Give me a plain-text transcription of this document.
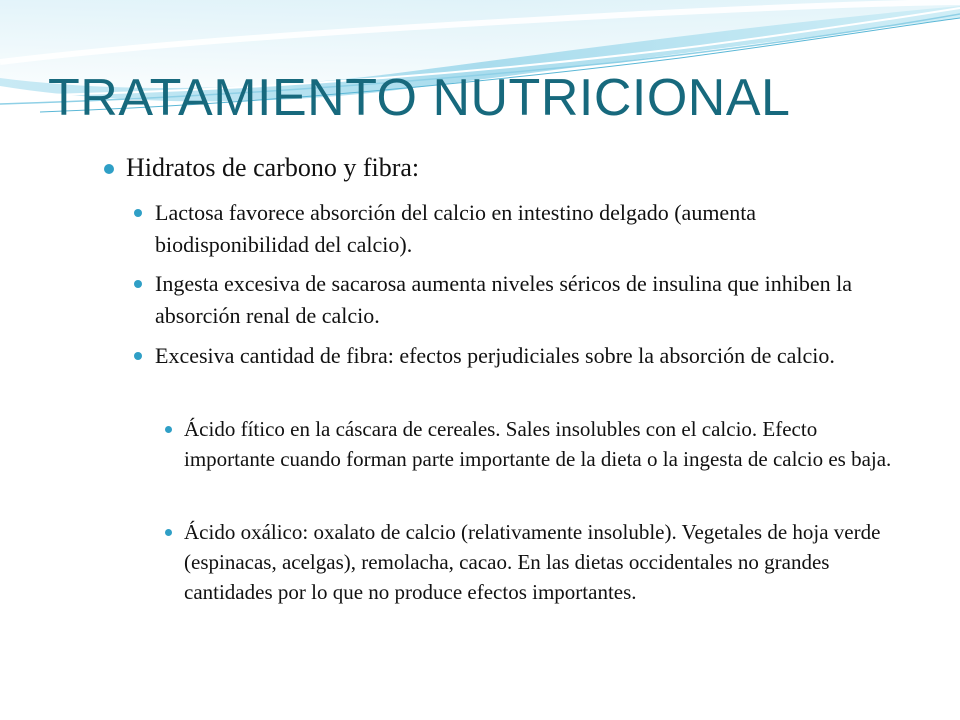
TRATAMIENTO NUTRICIONAL
Hidratos de carbono y fibra:
Lactosa favorece absorción del calcio en intestino delgado (aumenta biodisponibilidad del calcio).
Ingesta excesiva de sacarosa aumenta niveles séricos de insulina que inhiben la absorción renal de calcio.
Excesiva cantidad de fibra: efectos perjudiciales sobre la absorción de calcio.
Ácido fítico en la cáscara de cereales. Sales insolubles con el calcio. Efecto importante cuando forman parte importante de la dieta o la ingesta de calcio es baja.
Ácido oxálico: oxalato de calcio (relativamente insoluble). Vegetales de hoja verde (espinacas, acelgas), remolacha, cacao. En las dietas occidentales no grandes cantidades por lo que no produce efectos importantes.
